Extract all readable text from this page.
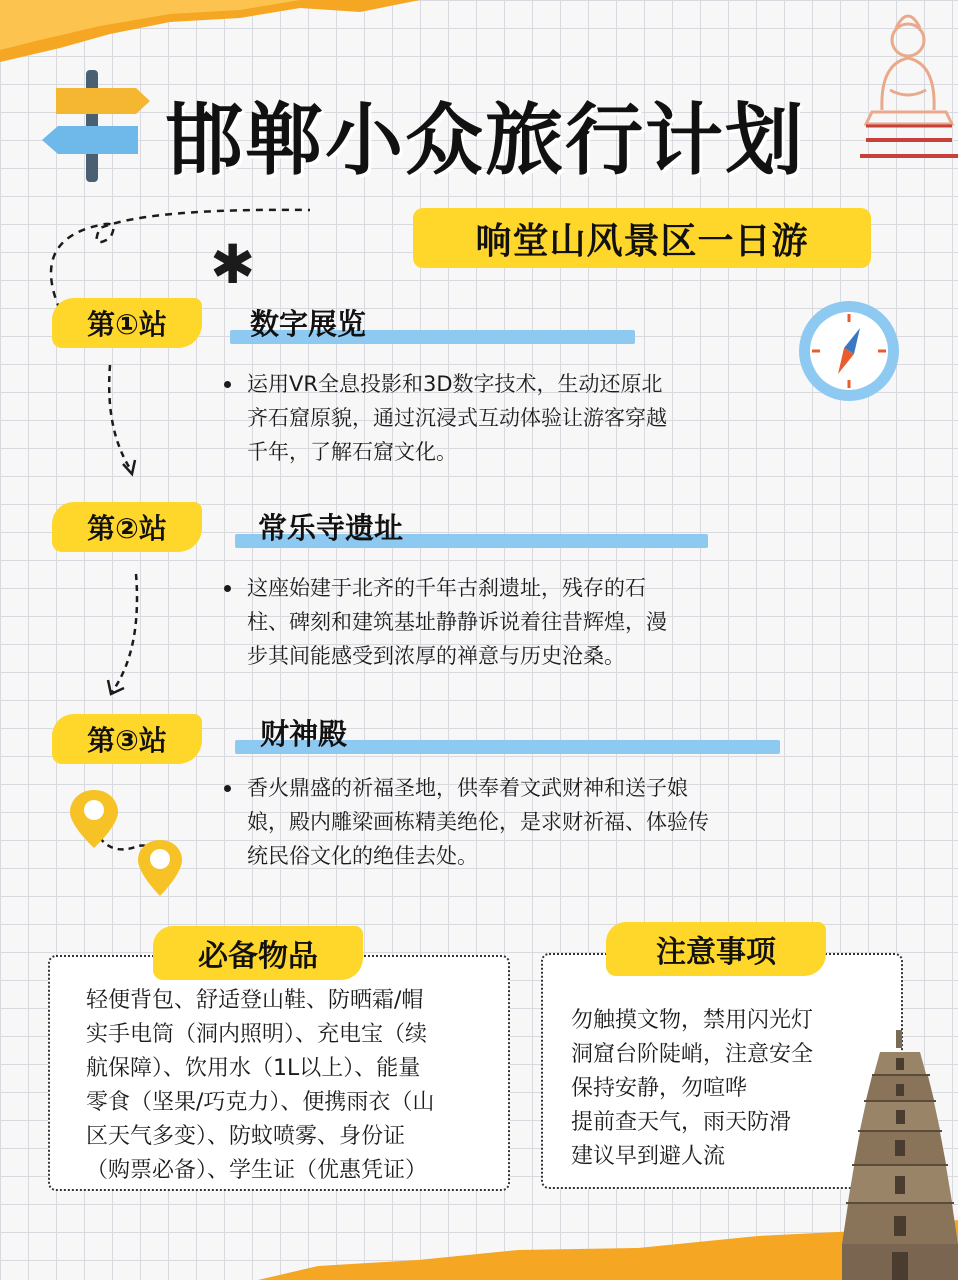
邯郸小众旅行计划
响堂山风景区一日游
✱
第①站	数字展览
运用VR全息投影和3D数字技术，生动还原北
齐石窟原貌，通过沉浸式互动体验让游客穿越
千年，了解石窟文化。
第②站	常乐寺遗址
这座始建于北齐的千年古刹遗址，残存的石
柱、碑刻和建筑基址静静诉说着往昔辉煌，漫
步其间能感受到浓厚的禅意与历史沧桑。
第③站	财神殿
香火鼎盛的祈福圣地，供奉着文武财神和送子娘
娘，殿内雕梁画栋精美绝伦，是求财祈福、体验传
统民俗文化的绝佳去处。
必备物品
轻便背包、舒适登山鞋、防晒霜/帽
实手电筒（洞内照明）、充电宝（续
航保障）、饮用水（1L以上）、能量
零食（坚果/巧克力）、便携雨衣（山
区天气多变）、防蚊喷雾、身份证
（购票必备）、学生证（优惠凭证）
注意事项
勿触摸文物，禁用闪光灯
洞窟台阶陡峭，注意安全
保持安静，勿喧哗
提前查天气，雨天防滑
建议早到避人流
